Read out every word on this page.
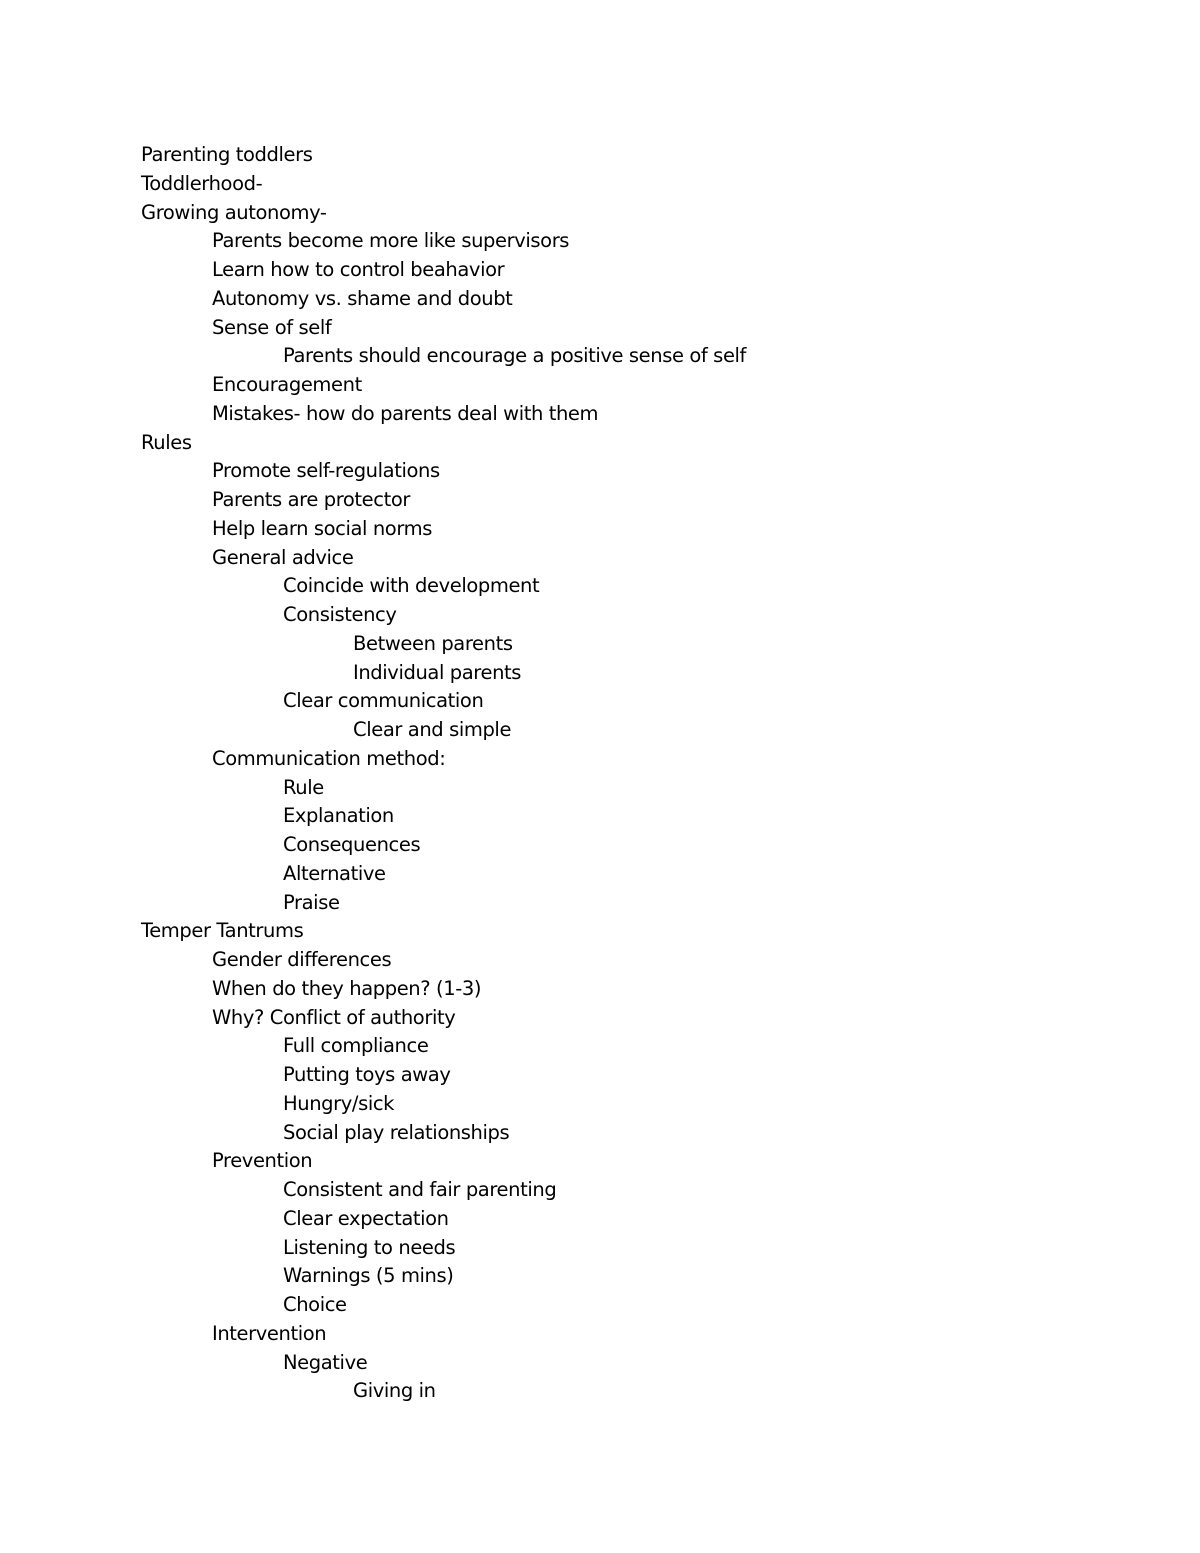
Parenting toddlers
Toddlerhood-
Growing autonomy-
Parents become more like supervisors
Learn how to control beahavior
Autonomy vs. shame and doubt
Sense of self
Parents should encourage a positive sense of self
Encouragement
Mistakes- how do parents deal with them
Rules
Promote self-regulations
Parents are protector
Help learn social norms
General advice
Coincide with development
Consistency
Between parents
Individual parents
Clear communication
Clear and simple
Communication method:
Rule
Explanation
Consequences
Alternative
Praise
Temper Tantrums
Gender differences
When do they happen? (1-3)
Why? Conflict of authority
Full compliance
Putting toys away
Hungry/sick
Social play relationships
Prevention
Consistent and fair parenting
Clear expectation
Listening to needs
Warnings (5 mins)
Choice
Intervention
Negative
Giving in
